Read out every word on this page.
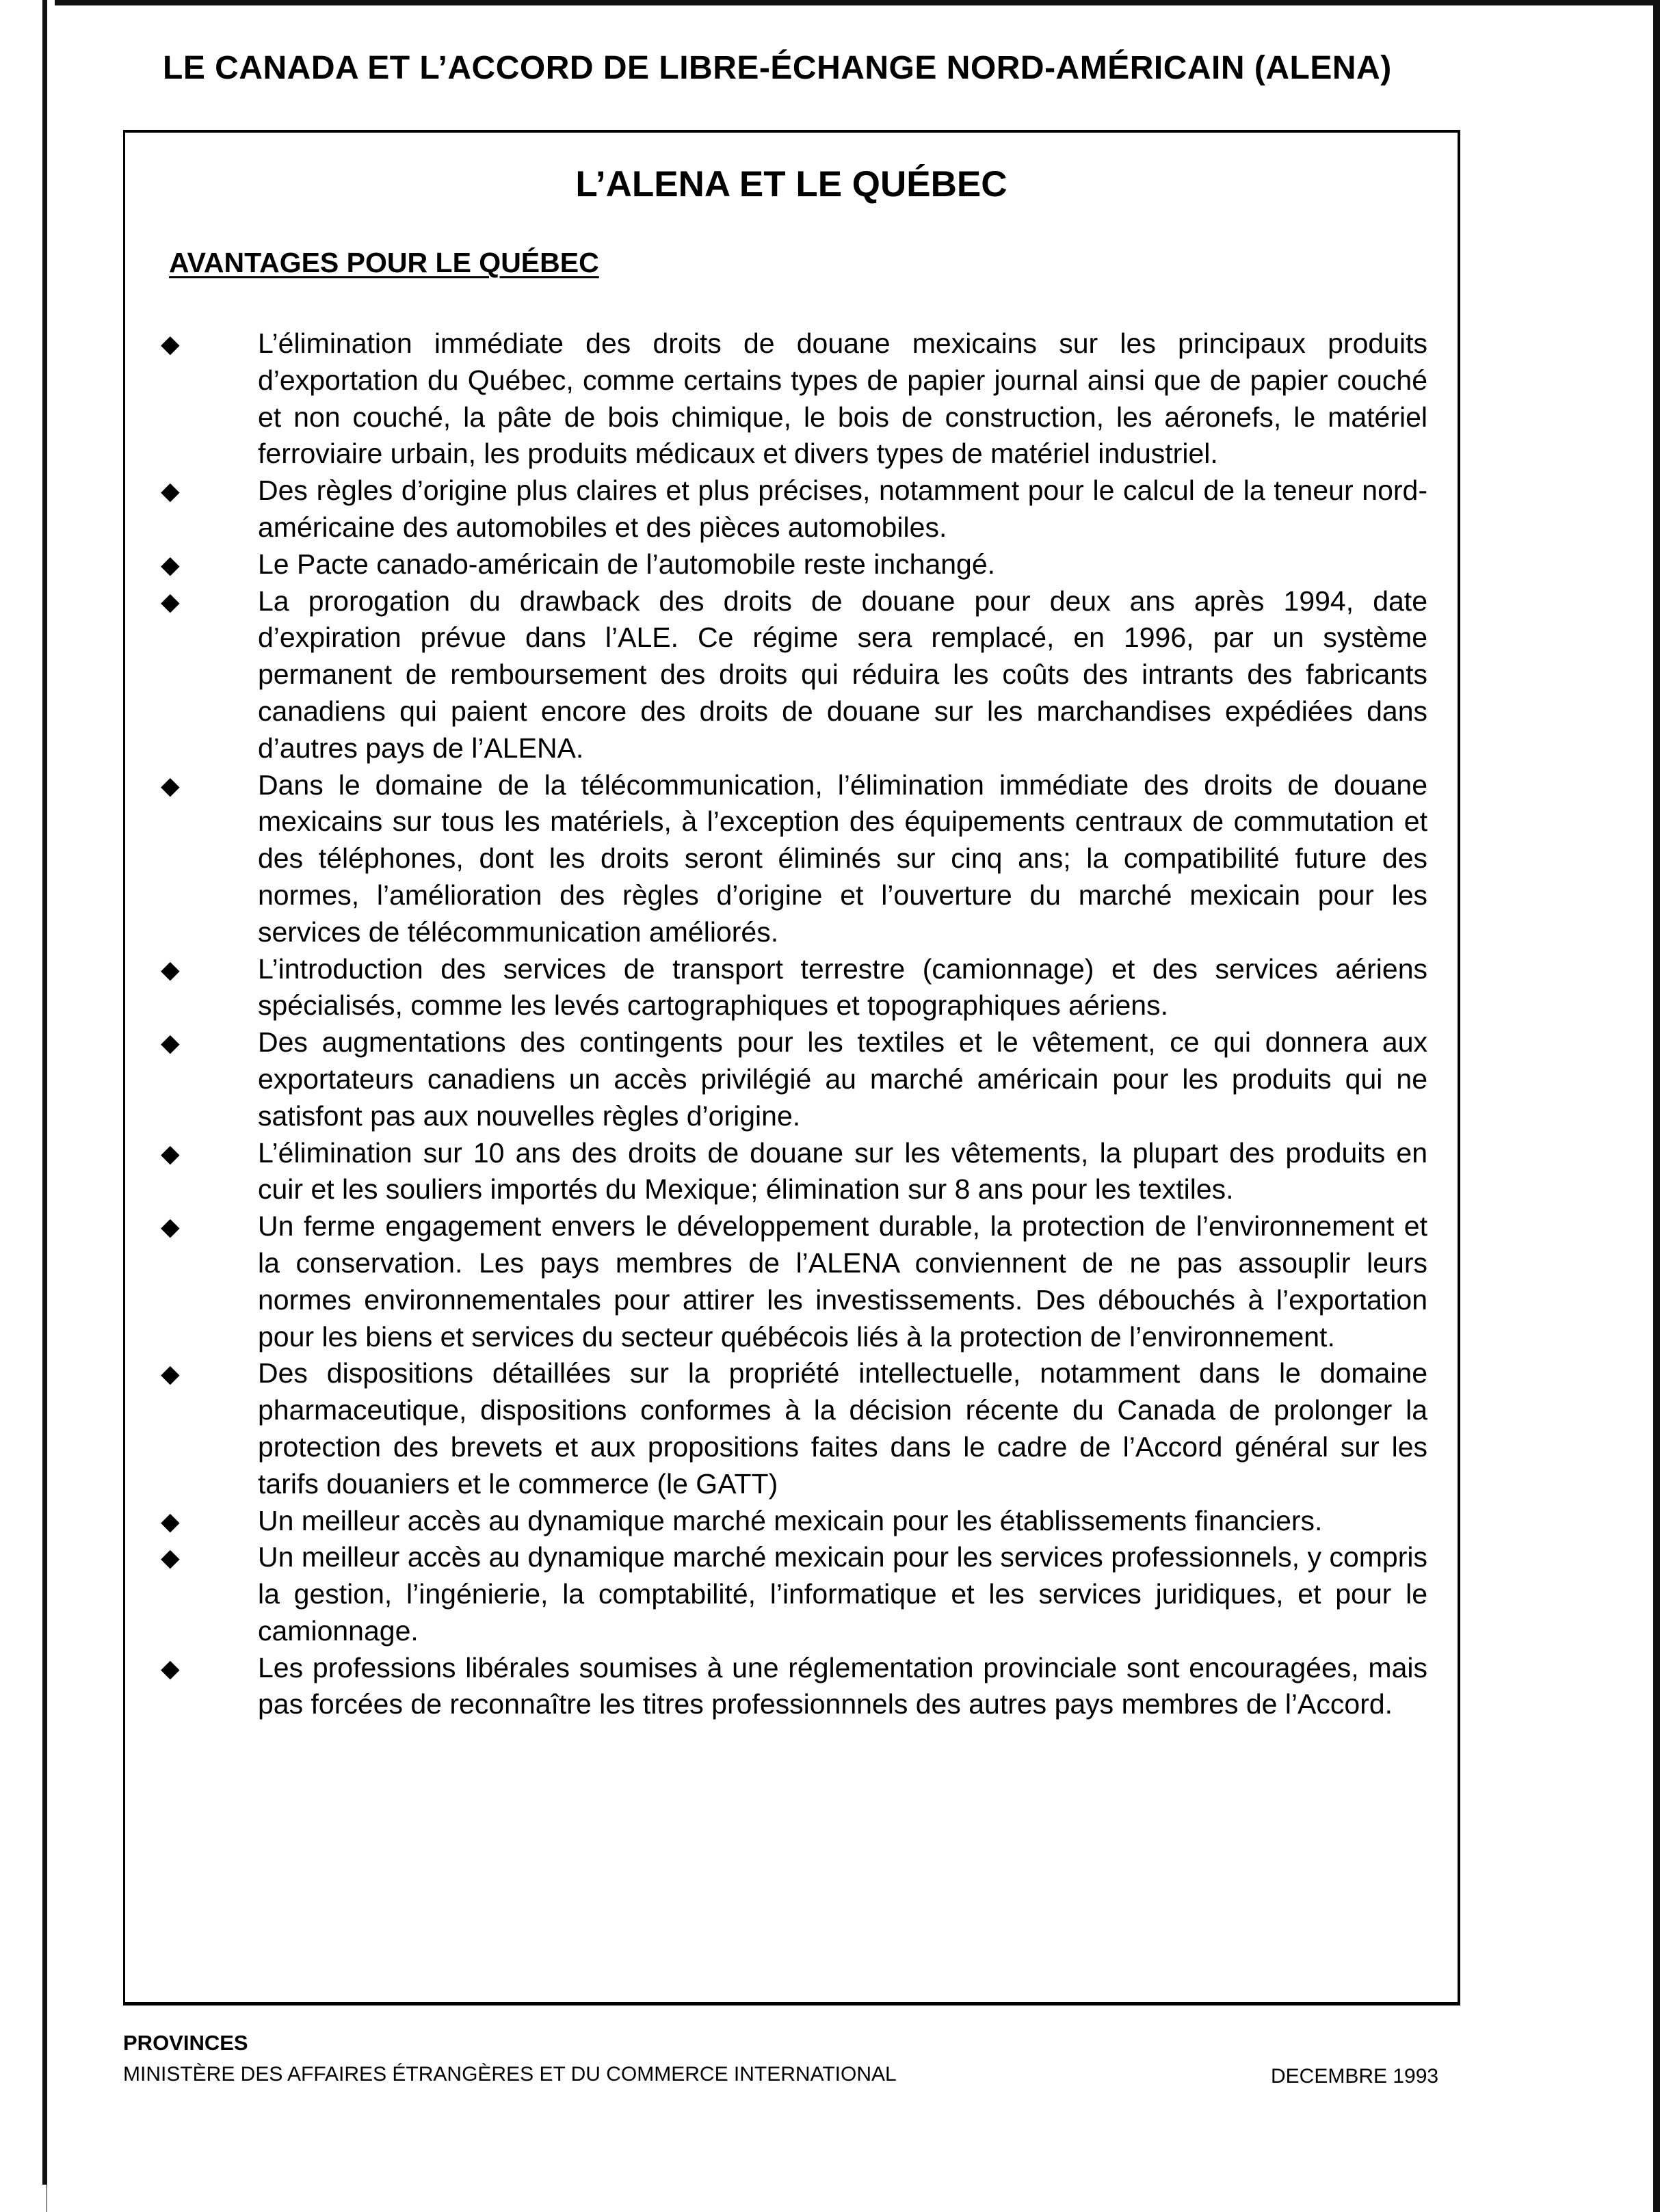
LE CANADA ET L’ACCORD DE LIBRE-ÉCHANGE NORD-AMÉRICAIN (ALENA)
L’ALENA ET LE QUÉBEC
AVANTAGES POUR LE QUÉBEC
◆	L’élimination immédiate des droits de douane mexicains sur les principaux produits d’exportation du Québec, comme certains types de papier journal ainsi que de papier couché et non couché, la pâte de bois chimique, le bois de construction, les aéronefs, le matériel ferroviaire urbain, les produits médicaux et divers types de matériel industriel.
◆	Des règles d’origine plus claires et plus précises, notamment pour le calcul de la teneur nord-américaine des automobiles et des pièces automobiles.
◆	Le Pacte canado-américain de l’automobile reste inchangé.
◆	La prorogation du drawback des droits de douane pour deux ans après 1994, date d’expiration prévue dans l’ALE. Ce régime sera remplacé, en 1996, par un système permanent de remboursement des droits qui réduira les coûts des intrants des fabricants canadiens qui paient encore des droits de douane sur les marchandises expédiées dans d’autres pays de l’ALENA.
◆	Dans le domaine de la télécommunication, l’élimination immédiate des droits de douane mexicains sur tous les matériels, à l’exception des équipements centraux de commutation et des téléphones, dont les droits seront éliminés sur cinq ans; la compatibilité future des normes, l’amélioration des règles d’origine et l’ouverture du marché mexicain pour les services de télécommunication améliorés.
◆	L’introduction des services de transport terrestre (camionnage) et des services aériens spécialisés, comme les levés cartographiques et topographiques aériens.
◆	Des augmentations des contingents pour les textiles et le vêtement, ce qui donnera aux exportateurs canadiens un accès privilégié au marché américain pour les produits qui ne satisfont pas aux nouvelles règles d’origine.
◆	L’élimination sur 10 ans des droits de douane sur les vêtements, la plupart des produits en cuir et les souliers importés du Mexique; élimination sur 8 ans pour les textiles.
◆	Un ferme engagement envers le développement durable, la protection de l’environnement et la conservation. Les pays membres de l’ALENA conviennent de ne pas assouplir leurs normes environnementales pour attirer les investissements. Des débouchés à l’exportation pour les biens et services du secteur québécois liés à la protection de l’environnement.
◆	Des dispositions détaillées sur la propriété intellectuelle, notamment dans le domaine pharmaceutique, dispositions conformes à la décision récente du Canada de prolonger la protection des brevets et aux propositions faites dans le cadre de l’Accord général sur les tarifs douaniers et le commerce (le GATT)
◆	Un meilleur accès au dynamique marché mexicain pour les établissements financiers.
◆	Un meilleur accès au dynamique marché mexicain pour les services professionnels, y compris la gestion, l’ingénierie, la comptabilité, l’informatique et les services juridiques, et pour le camionnage.
◆	Les professions libérales soumises à une réglementation provinciale sont encouragées, mais pas forcées de reconnaître les titres professionnnels des autres pays membres de l’Accord.
PROVINCES
MINISTÈRE DES AFFAIRES ÉTRANGÈRES ET DU COMMERCE INTERNATIONAL	DECEMBRE 1993
